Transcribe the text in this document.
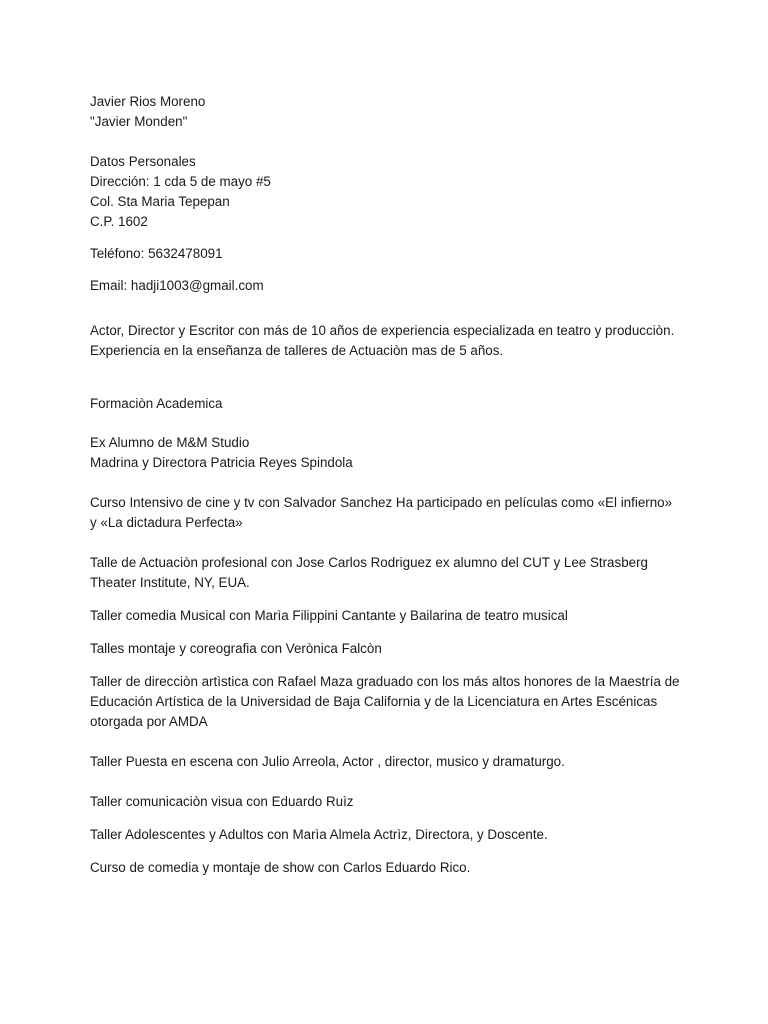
Javier Rios Moreno
"Javier Monden"
Datos Personales
Dirección: 1 cda 5 de mayo #5
Col. Sta Maria Tepepan
C.P. 1602
Teléfono: 5632478091
Email: hadji1003@gmail.com
Actor, Director y Escritor con más de 10 años de experiencia especializada en teatro y producciòn.
Experiencia en la enseñanza de talleres de Actuaciòn mas de 5 años.
Formaciòn Academica
Ex Alumno de M&M Studio
Madrina y Directora Patricia Reyes Spindola
Curso Intensivo de cine y tv con Salvador Sanchez Ha participado en películas como «El infierno» y «La dictadura Perfecta»
Talle de Actuaciòn profesional con Jose Carlos Rodriguez ex alumno del CUT y Lee Strasberg Theater Institute, NY, EUA.
Taller comedia Musical con Marìa Filippini Cantante y Bailarina de teatro musical
Talles montaje y coreografia con Verònica Falcòn
Taller de direcciòn artìstica con Rafael Maza graduado con los más altos honores de la Maestría de Educación Artística de la Universidad de Baja California y de la Licenciatura en Artes Escénicas otorgada por AMDA
Taller Puesta en escena con Julio Arreola, Actor , director, musico y dramaturgo.
Taller comunicaciòn visua con Eduardo Ruìz
Taller Adolescentes y Adultos con Marìa Almela Actrìz, Directora, y Doscente.
Curso de comedia y montaje de show con Carlos Eduardo Rico.
